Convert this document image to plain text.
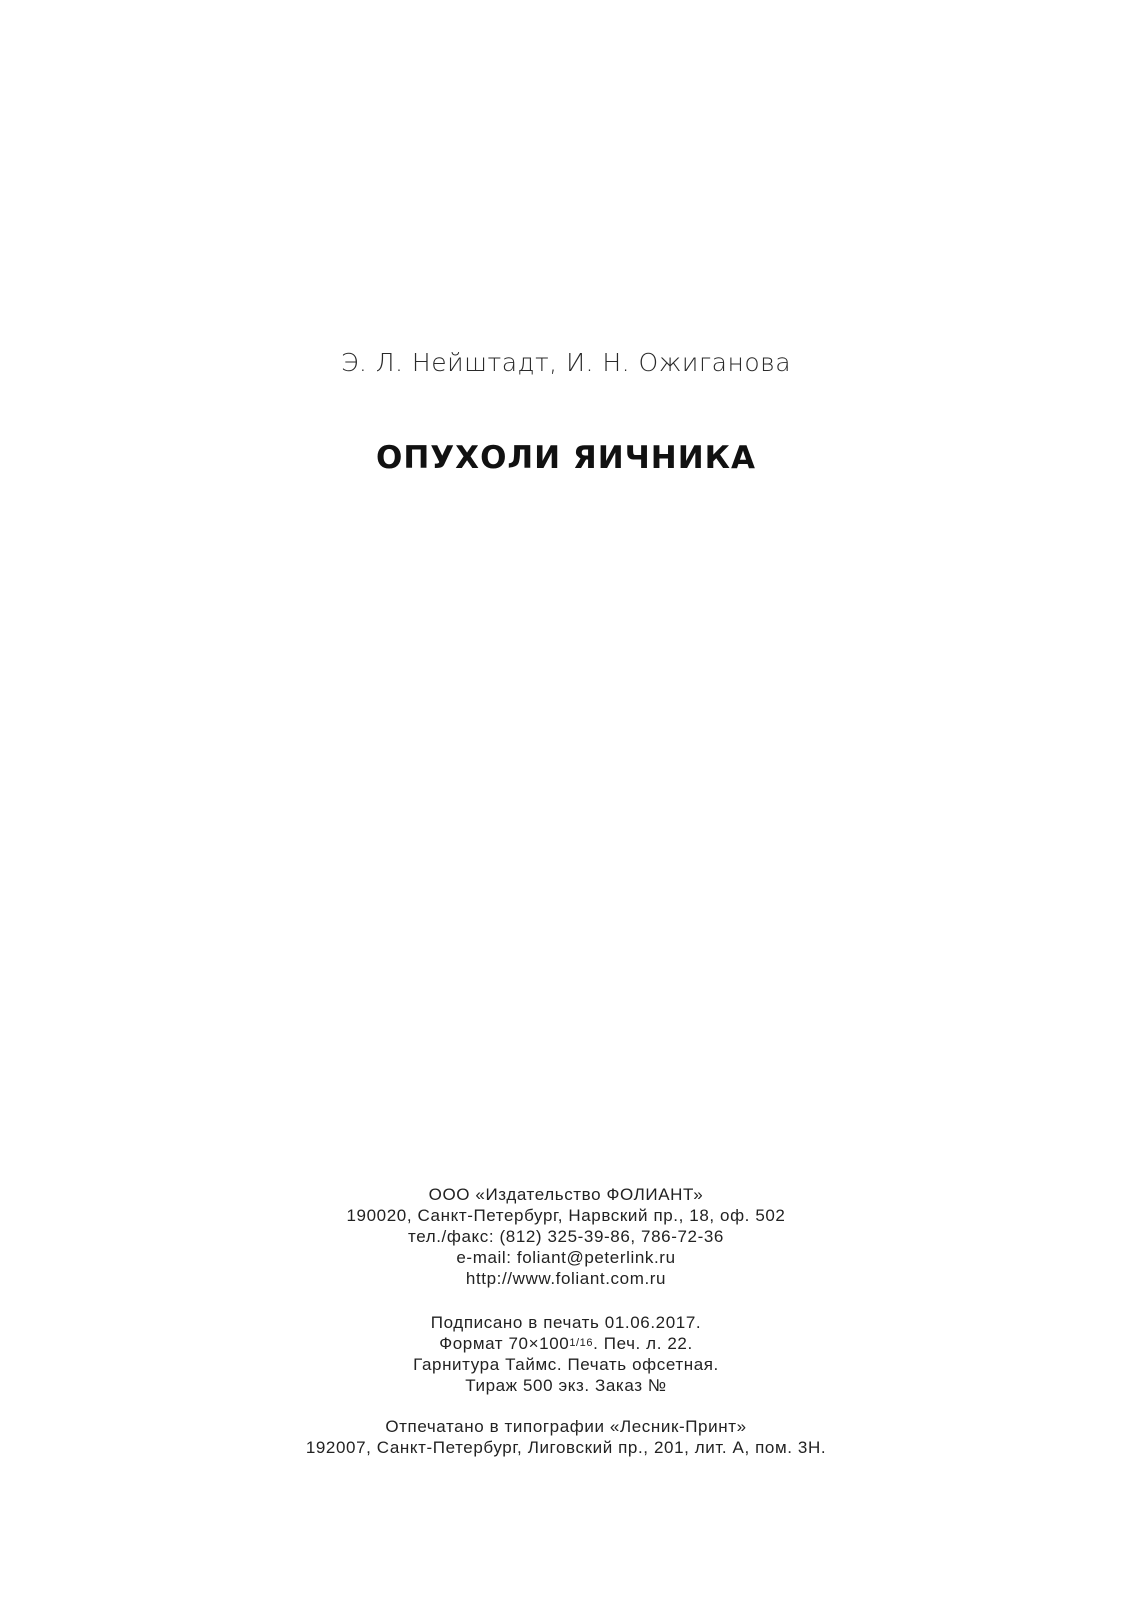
Э. Л. Нейштадт, И. Н. Ожиганова
ОПУХОЛИ ЯИЧНИКА
ООО «Издательство ФОЛИАНТ»
190020, Санкт-Петербург, Нарвский пр., 18, оф. 502
тел./факс: (812) 325-39-86, 786-72-36
e-mail: foliant@peterlink.ru
http://www.foliant.com.ru
Подписано в печать 01.06.2017.
Формат 70×1001/16. Печ. л. 22.
Гарнитура Таймс. Печать офсетная.
Тираж 500 экз. Заказ №
Отпечатано в типографии «Лесник-Принт»
192007, Санкт-Петербург, Лиговский пр., 201, лит. А, пом. 3Н.
